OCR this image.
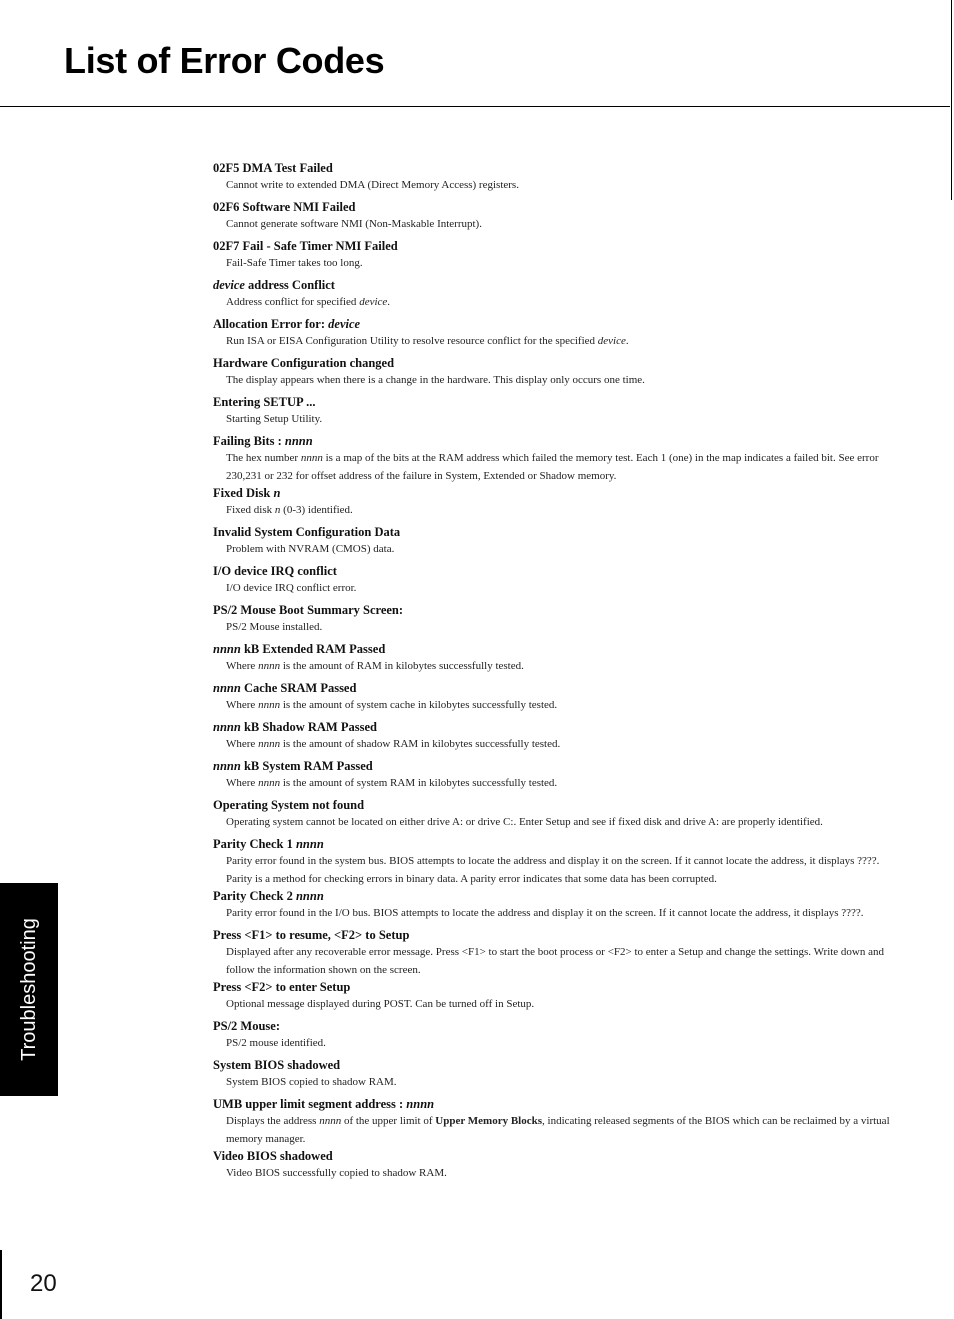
List of Error Codes
02F5 DMA Test Failed
Cannot write to extended DMA (Direct Memory Access) registers.
02F6 Software NMI Failed
Cannot generate software NMI (Non-Maskable Interrupt).
02F7 Fail - Safe Timer NMI Failed
Fail-Safe Timer takes too long.
device address Conflict
Address conflict for specified device.
Allocation Error for: device
Run ISA or EISA Configuration Utility to resolve resource conflict for the specified device.
Hardware Configuration changed
The display appears when there is a change in the hardware. This display only occurs one time.
Entering SETUP ...
Starting Setup Utility.
Failing Bits : nnnn
The hex number nnnn is a map of the bits at the RAM address which failed the memory test. Each 1 (one) in the map indicates a failed bit. See error 230,231 or 232 for offset address of the failure in System, Extended or Shadow memory.
Fixed Disk n
Fixed disk n (0-3) identified.
Invalid System Configuration Data
Problem with NVRAM (CMOS) data.
I/O device IRQ conflict
I/O device IRQ conflict error.
PS/2 Mouse Boot Summary Screen:
PS/2 Mouse installed.
nnnn kB Extended RAM Passed
Where nnnn is the amount of RAM in kilobytes successfully tested.
nnnn Cache SRAM Passed
Where nnnn is the amount of system cache in kilobytes successfully tested.
nnnn kB Shadow RAM Passed
Where nnnn is the amount of shadow RAM in kilobytes successfully tested.
nnnn kB System RAM Passed
Where nnnn is the amount of system RAM in kilobytes successfully tested.
Operating System not found
Operating system cannot be located on either drive A: or drive C:. Enter Setup and see if fixed disk and drive A: are properly identified.
Parity Check 1 nnnn
Parity error found in the system bus. BIOS attempts to locate the address and display it on the screen. If it cannot locate the address, it displays ????. Parity is a method for checking errors in binary data. A parity error indicates that some data has been corrupted.
Parity Check 2 nnnn
Parity error found in the I/O bus. BIOS attempts to locate the address and display it on the screen. If it cannot locate the address, it displays ????.
Press <F1> to resume, <F2> to Setup
Displayed after any recoverable error message. Press <F1> to start the boot process or <F2> to enter a Setup and change the settings. Write down and follow the information shown on the screen.
Press <F2> to enter Setup
Optional message displayed during POST. Can be turned off in Setup.
PS/2 Mouse:
PS/2 mouse identified.
System BIOS shadowed
System BIOS copied to shadow RAM.
UMB upper limit segment address : nnnn
Displays the address nnnn of the upper limit of Upper Memory Blocks, indicating released segments of the BIOS which can be reclaimed by a virtual memory manager.
Video BIOS shadowed
Video BIOS successfully copied to shadow RAM.
Troubleshooting
20
